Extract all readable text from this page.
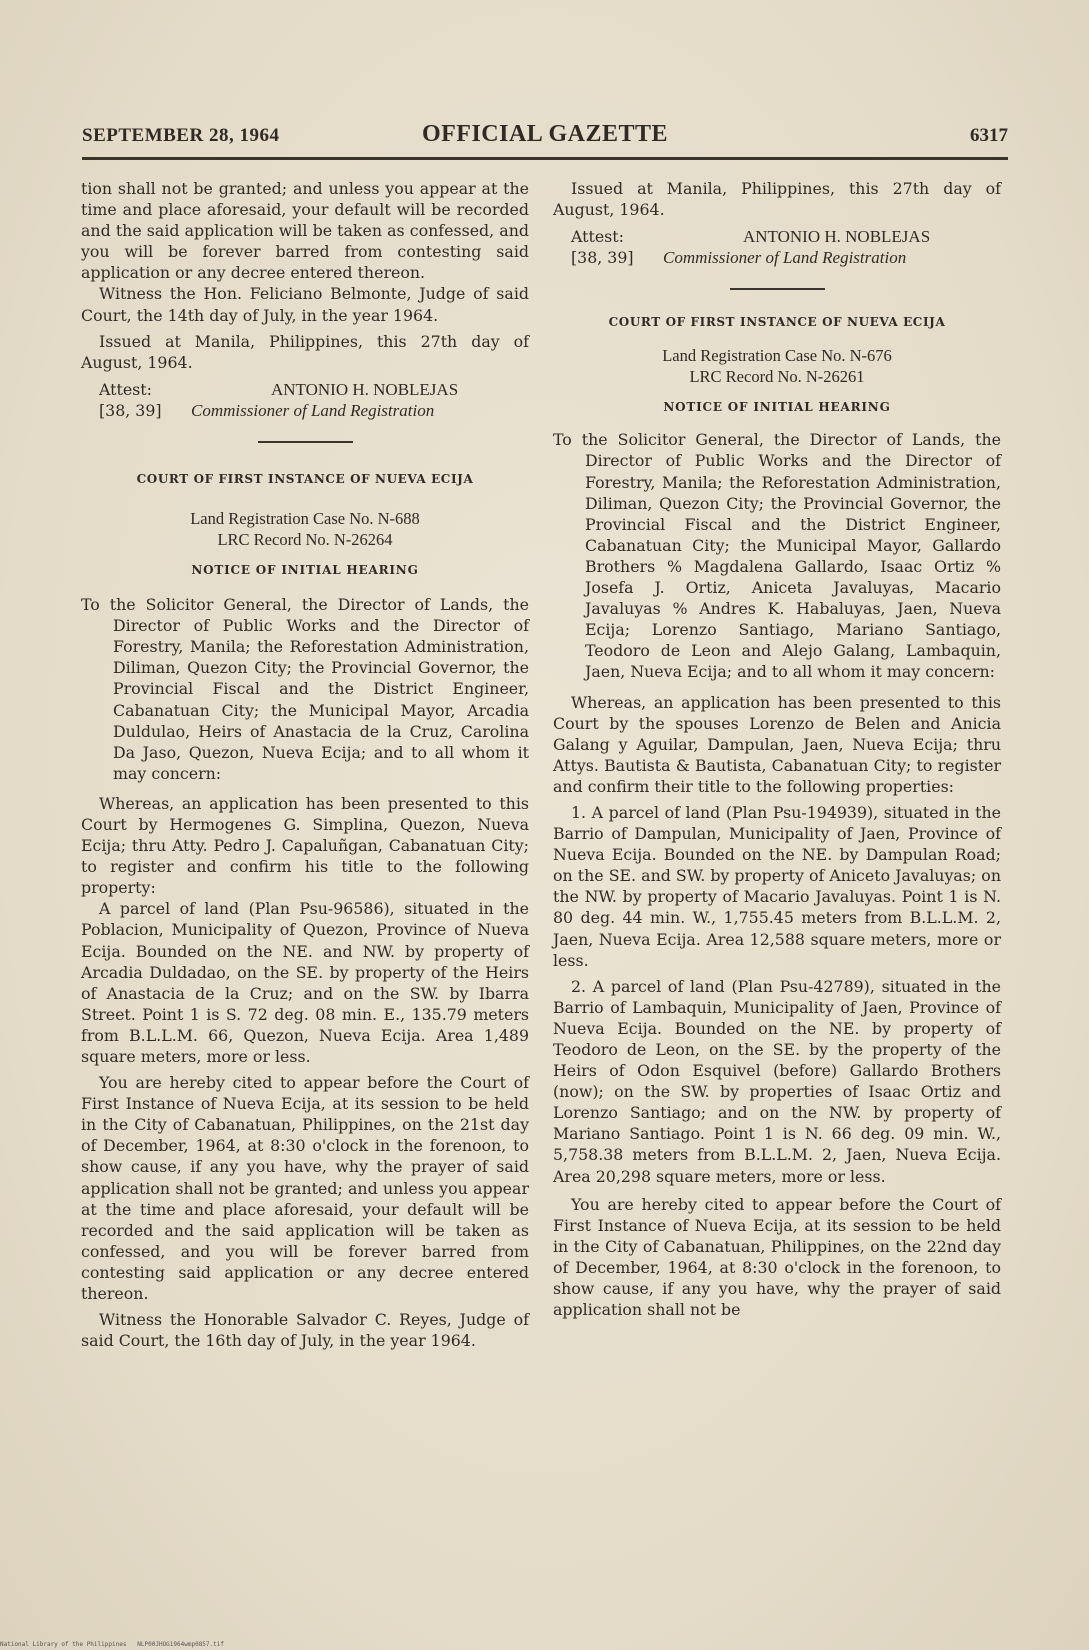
SEPTEMBER 28, 1964	OFFICIAL GAZETTE	6317

tion shall not be granted; and unless you appear at the time and place aforesaid, your default will be recorded and the said application will be taken as confessed, and you will be forever barred from contesting said application or any decree entered thereon.

Witness the Hon. Feliciano Belmonte, Judge of said Court, the 14th day of July, in the year 1964.

Issued at Manila, Philippines, this 27th day of August, 1964.

Attest:	ANTONIO H. NOBLEJAS
[38, 39] Commissioner of Land Registration

COURT OF FIRST INSTANCE OF NUEVA ECIJA

Land Registration Case No. N-688

LRC Record No. N-26264

NOTICE OF INITIAL HEARING

To the Solicitor General, the Director of Lands, the Director of Public Works and the Director of Forestry, Manila; the Reforestation Administration, Diliman, Quezon City; the Provincial Governor, the Provincial Fiscal and the District Engineer, Cabanatuan City; the Municipal Mayor, Arcadia Duldulao, Heirs of Anastacia de la Cruz, Carolina Da Jaso, Quezon, Nueva Ecija; and to all whom it may concern:

Whereas, an application has been presented to this Court by Hermogenes G. Simplina, Quezon, Nueva Ecija; thru Atty. Pedro J. Capaluñgan, Cabanatuan City; to register and confirm his title to the following property:

A parcel of land (Plan Psu-96586), situated in the Poblacion, Municipality of Quezon, Province of Nueva Ecija. Bounded on the NE. and NW. by property of Arcadia Duldadao, on the SE. by property of the Heirs of Anastacia de la Cruz; and on the SW. by Ibarra Street. Point 1 is S. 72 deg. 08 min. E., 135.79 meters from B.L.L.M. 66, Quezon, Nueva Ecija. Area 1,489 square meters, more or less.

You are hereby cited to appear before the Court of First Instance of Nueva Ecija, at its session to be held in the City of Cabanatuan, Philippines, on the 21st day of December, 1964, at 8:30 o'clock in the forenoon, to show cause, if any you have, why the prayer of said application shall not be granted; and unless you appear at the time and place aforesaid, your default will be recorded and the said application will be taken as confessed, and you will be forever barred from contesting said application or any decree entered thereon.

Witness the Honorable Salvador C. Reyes, Judge of said Court, the 16th day of July, in the year 1964.

Issued at Manila, Philippines, this 27th day of August, 1964.

Attest:	ANTONIO H. NOBLEJAS
[38, 39] Commissioner of Land Registration

COURT OF FIRST INSTANCE OF NUEVA ECIJA

Land Registration Case No. N-676

LRC Record No. N-26261

NOTICE OF INITIAL HEARING

To the Solicitor General, the Director of Lands, the Director of Public Works and the Director of Forestry, Manila; the Reforestation Administration, Diliman, Quezon City; the Provincial Governor, the Provincial Fiscal and the District Engineer, Cabanatuan City; the Municipal Mayor, Gallardo Brothers % Magdalena Gallardo, Isaac Ortiz % Josefa J. Ortiz, Aniceta Javaluyas, Macario Javaluyas % Andres K. Habaluyas, Jaen, Nueva Ecija; Lorenzo Santiago, Mariano Santiago, Teodoro de Leon and Alejo Galang, Lambaquin, Jaen, Nueva Ecija; and to all whom it may concern:

Whereas, an application has been presented to this Court by the spouses Lorenzo de Belen and Anicia Galang y Aguilar, Dampulan, Jaen, Nueva Ecija; thru Attys. Bautista & Bautista, Cabanatuan City; to register and confirm their title to the following properties:

1. A parcel of land (Plan Psu-194939), situated in the Barrio of Dampulan, Municipality of Jaen, Province of Nueva Ecija. Bounded on the NE. by Dampulan Road; on the SE. and SW. by property of Aniceto Javaluyas; on the NW. by property of Macario Javaluyas. Point 1 is N. 80 deg. 44 min. W., 1,755.45 meters from B.L.L.M. 2, Jaen, Nueva Ecija. Area 12,588 square meters, more or less.

2. A parcel of land (Plan Psu-42789), situated in the Barrio of Lambaquin, Municipality of Jaen, Province of Nueva Ecija. Bounded on the NE. by property of Teodoro de Leon, on the SE. by the property of the Heirs of Odon Esquivel (before) Gallardo Brothers (now); on the SW. by properties of Isaac Ortiz and Lorenzo Santiago; and on the NW. by property of Mariano Santiago. Point 1 is N. 66 deg. 09 min. W., 5,758.38 meters from B.L.L.M. 2, Jaen, Nueva Ecija. Area 20,298 square meters, more or less.

You are hereby cited to appear before the Court of First Instance of Nueva Ecija, at its session to be held in the City of Cabanatuan, Philippines, on the 22nd day of December, 1964, at 8:30 o'clock in the forenoon, to show cause, if any you have, why the prayer of said application shall not be

National Library of the Philippines NLP00JHOG1964wmp0857.tif
